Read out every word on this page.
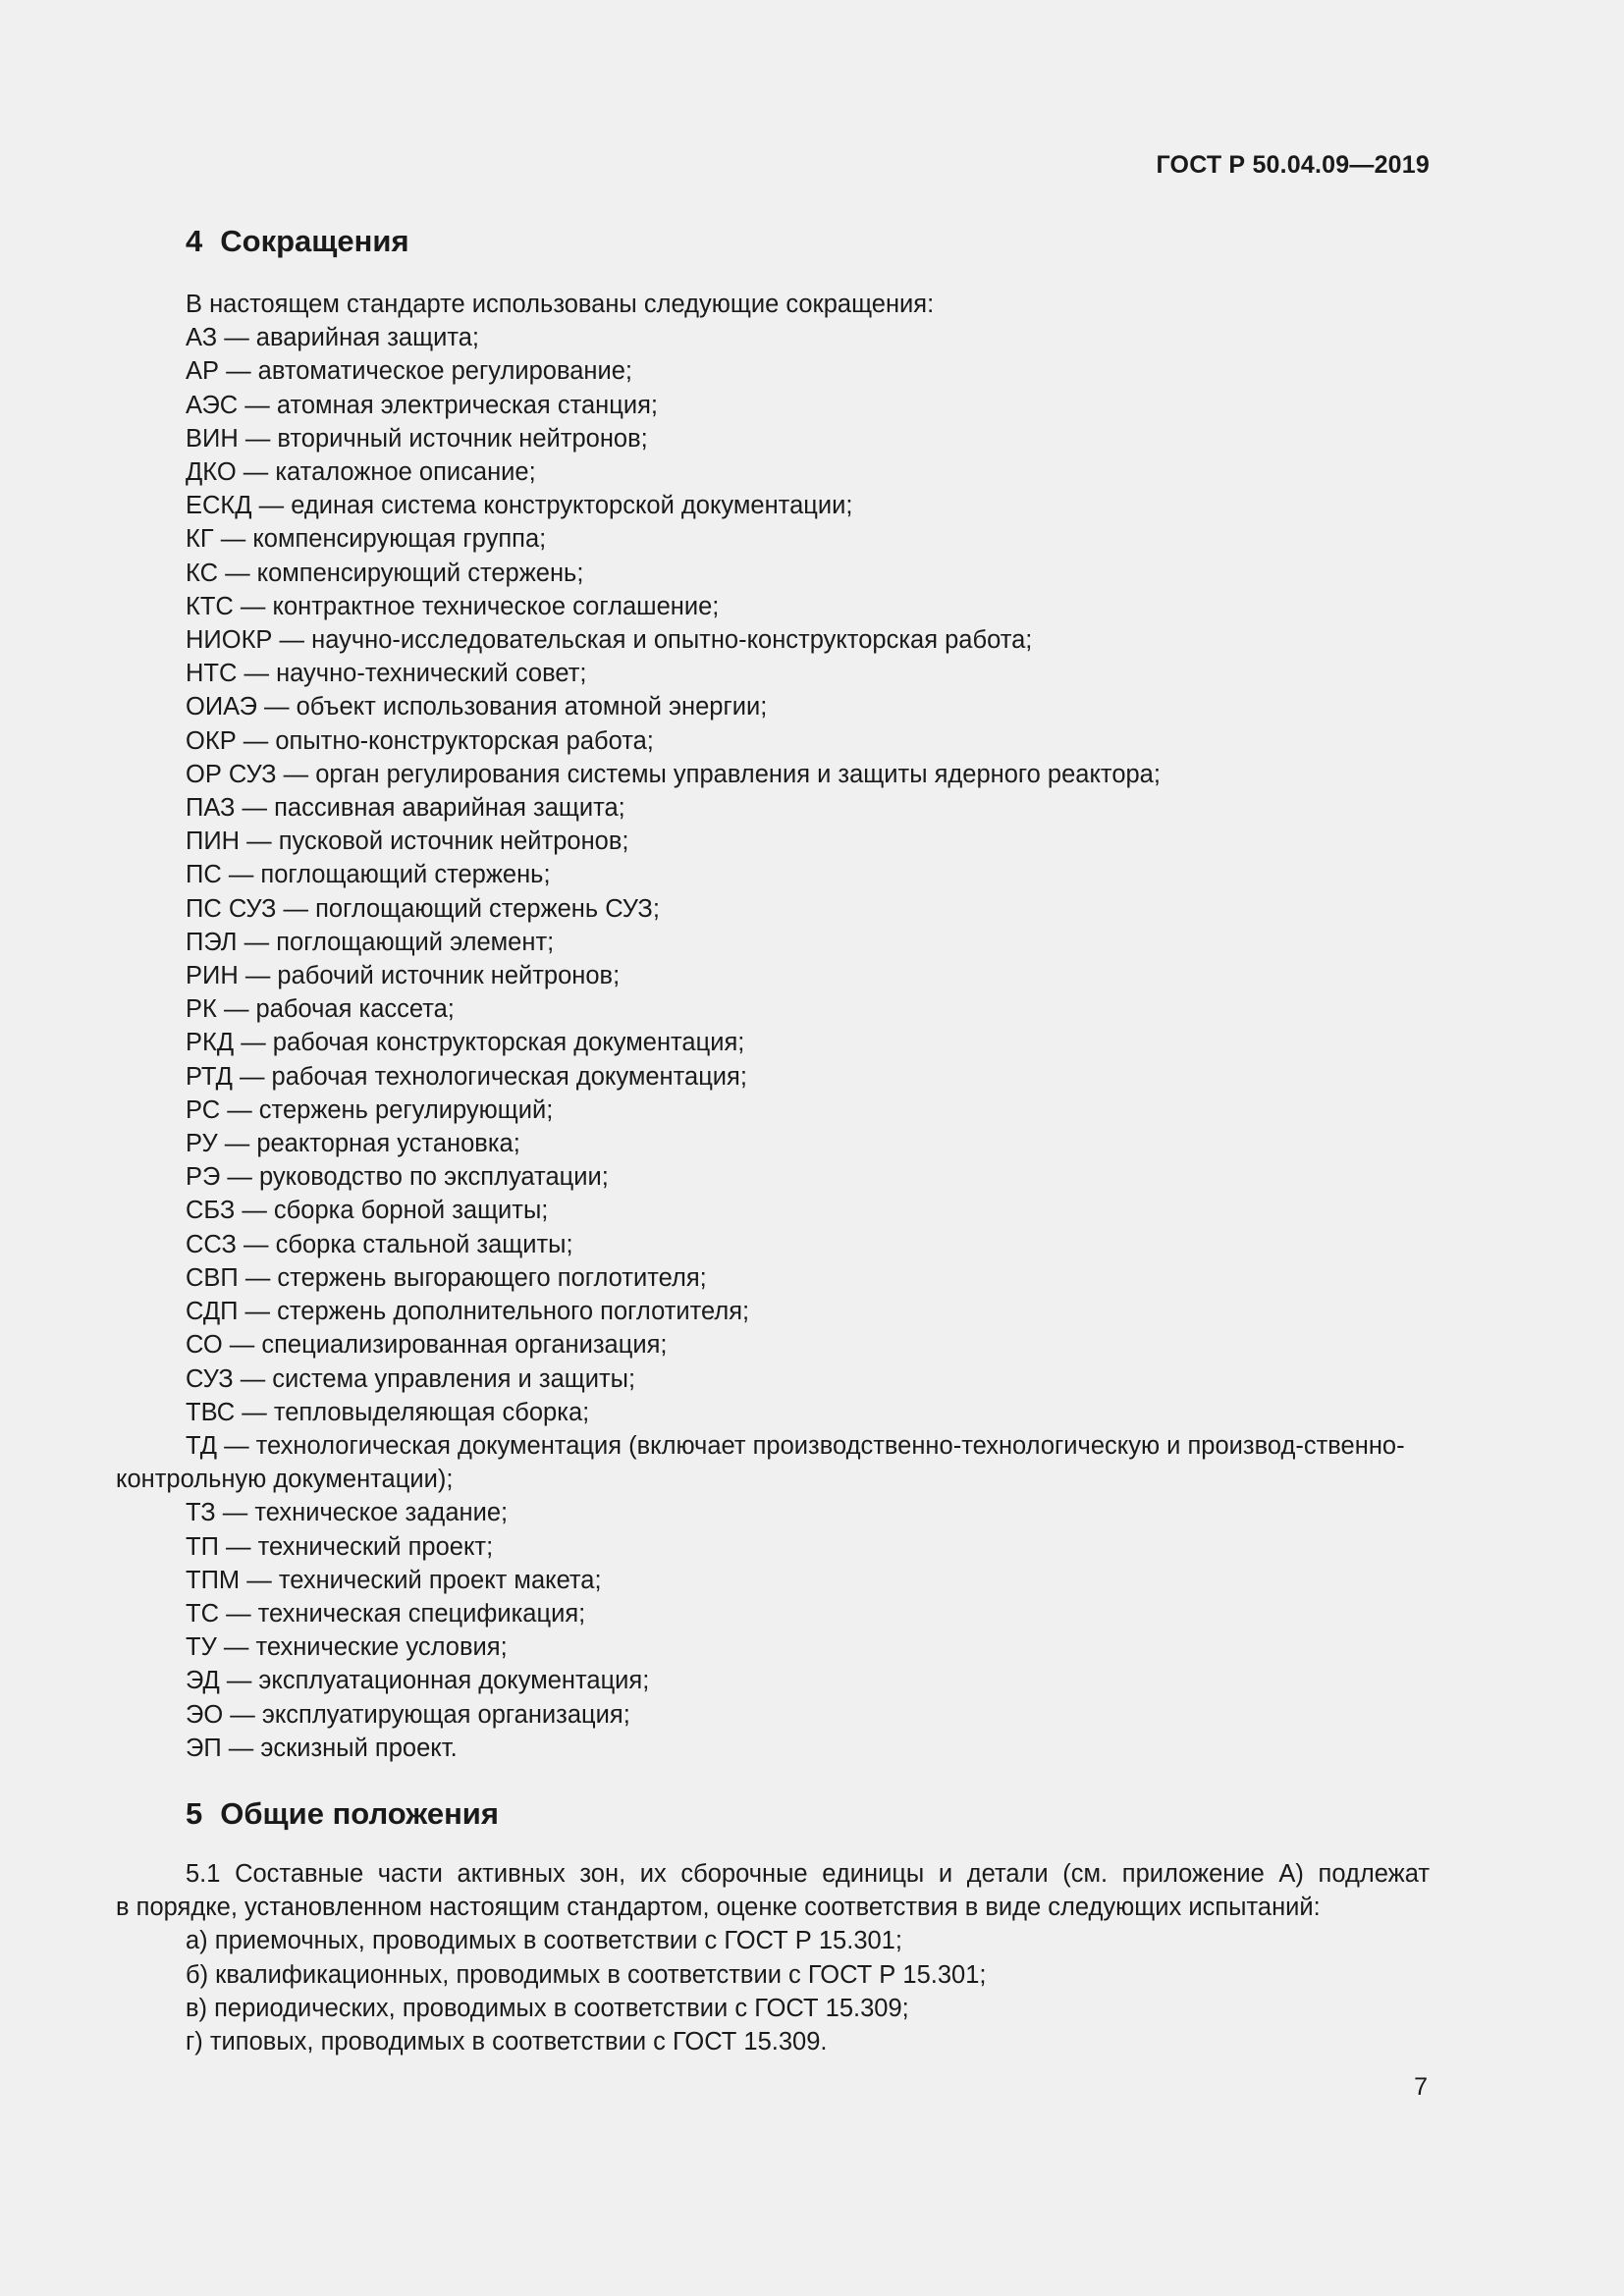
ГОСТ Р 50.04.09—2019
4 Сокращения

В настоящем стандарте использованы следующие сокращения:

АЗ — аварийная защита;
АР — автоматическое регулирование;
АЭС — атомная электрическая станция;
ВИН — вторичный источник нейтронов;
ДКО — каталожное описание;
ЕСКД — единая система конструкторской документации;
КГ — компенсирующая группа;
КС — компенсирующий стержень;
КТС — контрактное техническое соглашение;
НИОКР — научно-исследовательская и опытно-конструкторская работа;
НТС — научно-технический совет;
ОИАЭ — объект использования атомной энергии;
ОКР — опытно-конструкторская работа;
ОР СУЗ — орган регулирования системы управления и защиты ядерного реактора;
ПАЗ — пассивная аварийная защита;
ПИН — пусковой источник нейтронов;
ПС — поглощающий стержень;
ПС СУЗ — поглощающий стержень СУЗ;
ПЭЛ — поглощающий элемент;
РИН — рабочий источник нейтронов;
РК — рабочая кассета;
РКД — рабочая конструкторская документация;
РТД — рабочая технологическая документация;
РС — стержень регулирующий;
РУ — реакторная установка;
РЭ — руководство по эксплуатации;
СБЗ — сборка борной защиты;
ССЗ — сборка стальной защиты;
СВП — стержень выгорающего поглотителя;
СДП — стержень дополнительного поглотителя;
СО — специализированная организация;
СУЗ — система управления и защиты;
ТВС — тепловыделяющая сборка;
ТД — технологическая документация (включает производственно-технологическую и производ-ственно-контрольную документации);
ТЗ — техническое задание;
ТП — технический проект;
ТПМ — технический проект макета;
ТС — техническая спецификация;
ТУ — технические условия;
ЭД — эксплуатационная документация;
ЭО — эксплуатирующая организация;
ЭП — эскизный проект.
5 Общие положения

5.1 Составные части активных зон, их сборочные единицы и детали (см. приложение А) подлежат

в порядке, установленном настоящим стандартом, оценке соответствия в виде следующих испытаний:

а) приемочных, проводимых в соответствии с ГОСТ Р 15.301;

б) квалификационных, проводимых в соответствии с ГОСТ Р 15.301;

в) периодических, проводимых в соответствии с ГОСТ 15.309;

г) типовых, проводимых в соответствии с ГОСТ 15.309.

7
